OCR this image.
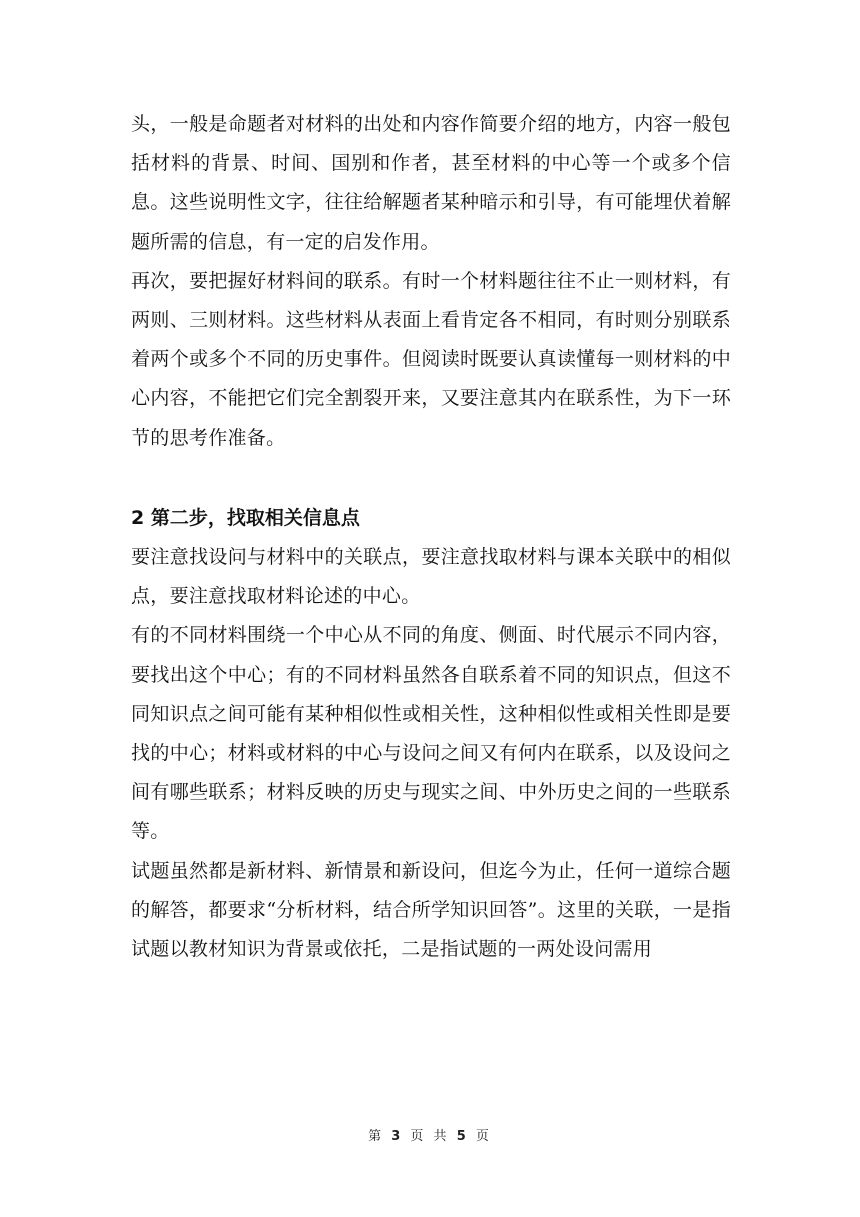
头，一般是命题者对材料的出处和内容作简要介绍的地方，内容一般包括材料的背景、时间、国别和作者，甚至材料的中心等一个或多个信息。这些说明性文字，往往给解题者某种暗示和引导，有可能埋伏着解题所需的信息，有一定的启发作用。

再次，要把握好材料间的联系。有时一个材料题往往不止一则材料，有两则、三则材料。这些材料从表面上看肯定各不相同，有时则分别联系着两个或多个不同的历史事件。但阅读时既要认真读懂每一则材料的中心内容，不能把它们完全割裂开来，又要注意其内在联系性，为下一环节的思考作准备。

2 第二步，找取相关信息点

要注意找设问与材料中的关联点，要注意找取材料与课本关联中的相似点，要注意找取材料论述的中心。

有的不同材料围绕一个中心从不同的角度、侧面、时代展示不同内容，要找出这个中心；有的不同材料虽然各自联系着不同的知识点，但这不同知识点之间可能有某种相似性或相关性，这种相似性或相关性即是要找的中心；材料或材料的中心与设问之间又有何内在联系，以及设问之间有哪些联系；材料反映的历史与现实之间、中外历史之间的一些联系等。

试题虽然都是新材料、新情景和新设问，但迄今为止，任何一道综合题的解答，都要求“分析材料，结合所学知识回答”。这里的关联，一是指试题以教材知识为背景或依托，二是指试题的一两处设问需用

第 3 页 共 5 页
